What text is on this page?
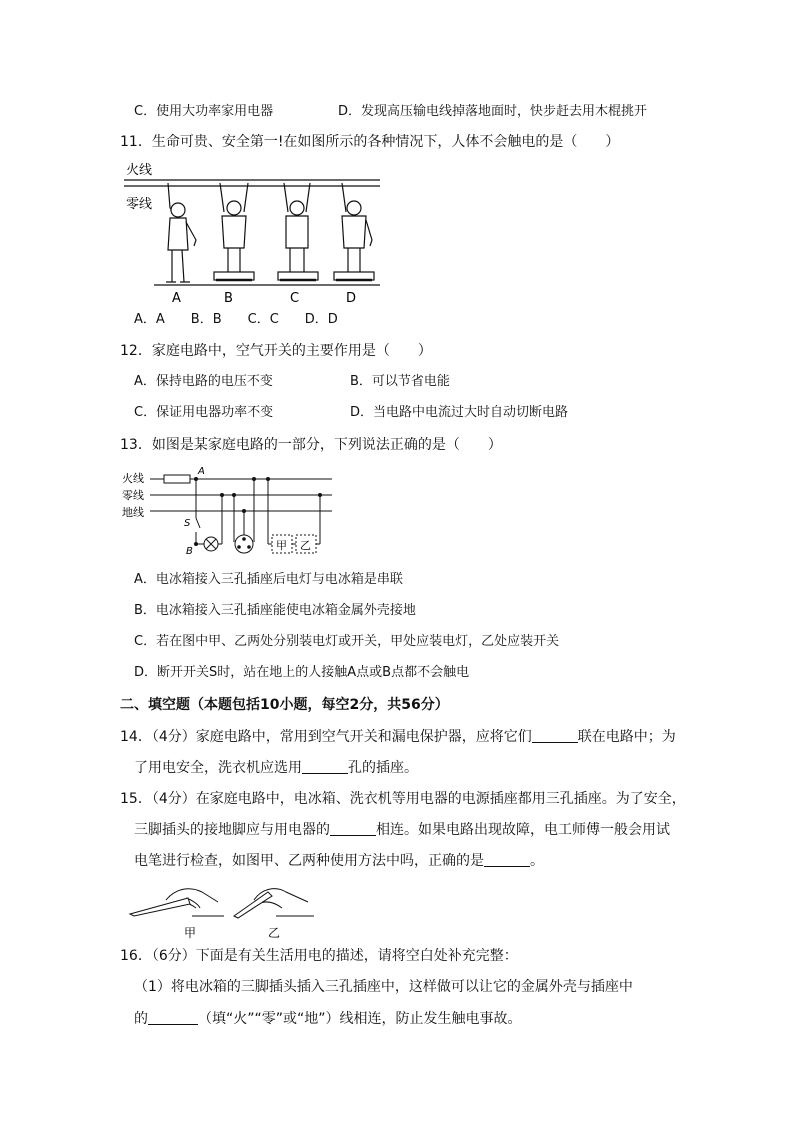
C．使用大功率家用电器	D．发现高压输电线掉落地面时，快步赶去用木棍挑开
11．生命可贵、安全第一!在如图所示的各种情况下，人体不会触电的是（　　）
火线
零线
A	B	C	D
A．A　　B．B　　C．C　　D．D
12．家庭电路中，空气开关的主要作用是（　　）
A．保持电路的电压不变	B．可以节省电能
C．保证用电器功率不变	D．当电路中电流过大时自动切断电路
13．如图是某家庭电路的一部分，下列说法正确的是（　　）
火线
零线
地线
A
S
B	甲 乙
A．电冰箱接入三孔插座后电灯与电冰箱是串联
B．电冰箱接入三孔插座能使电冰箱金属外壳接地
C．若在图中甲、乙两处分别装电灯或开关，甲处应装电灯，乙处应装开关
D．断开开关S时，站在地上的人接触A点或B点都不会触电
二、填空题（本题包括10小题，每空2分，共56分）
14．（4分）家庭电路中，常用到空气开关和漏电保护器，应将它们	联在电路中；为
了用电安全，洗衣机应选用	孔的插座。
15．（4分）在家庭电路中，电冰箱、洗衣机等用电器的电源插座都用三孔插座。为了安全，
三脚插头的接地脚应与用电器的	相连。如果电路出现故障，电工师傅一般会用试
电笔进行检查，如图甲、乙两种使用方法中吗，正确的是	。
甲	乙
16．（6分）下面是有关生活用电的描述，请将空白处补充完整：
（1）将电冰箱的三脚插头插入三孔插座中，这样做可以让它的金属外壳与插座中
的	（填“火”“零”或“地”）线相连，防止发生触电事故。
